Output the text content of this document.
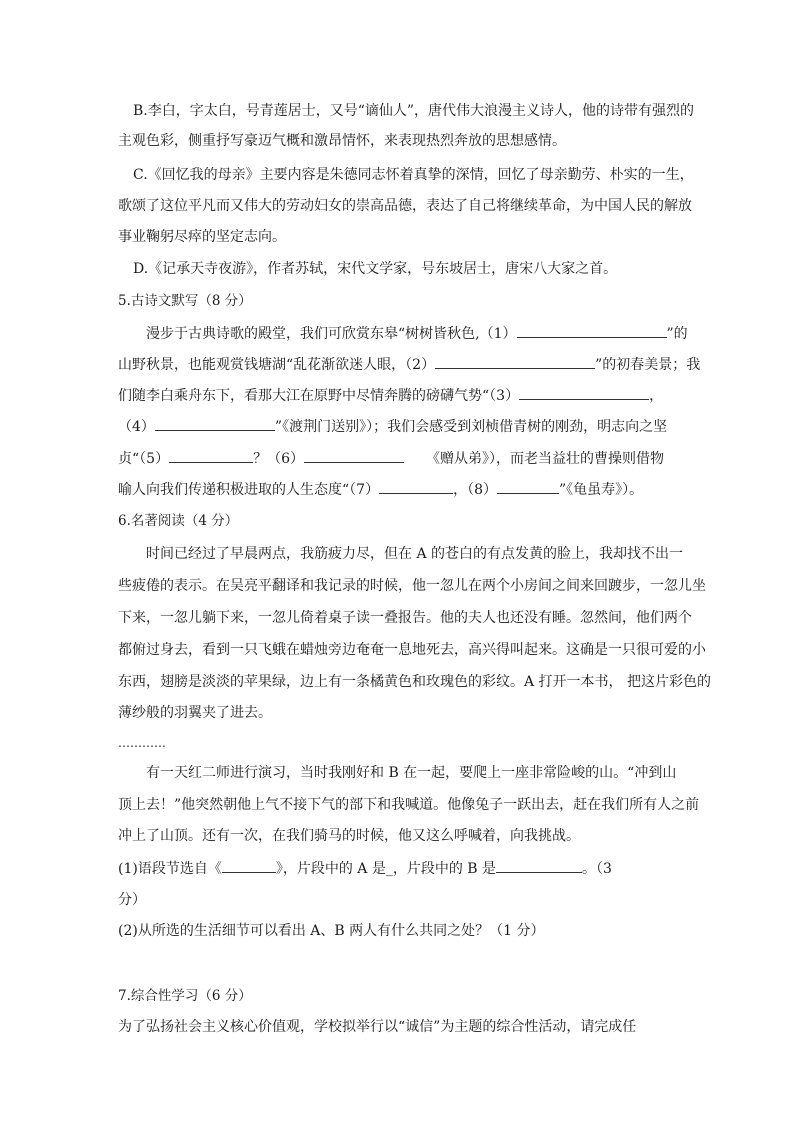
B.李白，字太白，号青莲居士，又号“谪仙人”，唐代伟大浪漫主义诗人，他的诗带有强烈的
主观色彩，侧重抒写豪迈气概和激昂情怀，来表现热烈奔放的思想感情。
C.《回忆我的母亲》主要内容是朱德同志怀着真挚的深情，回忆了母亲勤劳、朴实的一生，
歌颂了这位平凡而又伟大的劳动妇女的崇高品德，表达了自己将继续革命，为中国人民的解放
事业鞠躬尽瘁的坚定志向。
D.《记承天寺夜游》，作者苏轼，宋代文学家，号东坡居士，唐宋八大家之首。
5.古诗文默写（8 分）
漫步于古典诗歌的殿堂，我们可欣赏东皋“树树皆秋色,（1）	”的
山野秋景，也能观赏钱塘湖“乱花渐欲迷人眼，（2）	”的初春美景；我
们随李白乘舟东下，看那大江在原野中尽情奔腾的磅礴气势“（3）	，
（4）	”《渡荆门送别》）；我们会感受到刘桢借青树的刚劲，明志向之坚
贞“（5）	？（6）	《赠从弟》），而老当益壮的曹操则借物
喻人向我们传递积极进取的人生态度“（7）	，（8）	”《龟虽寿》）。
6.名著阅读（4 分）
时间已经过了早晨两点，我筋疲力尽，但在 A 的苍白的有点发黄的脸上，我却找不出一
些疲倦的表示。在吴亮平翻译和我记录的时候，他一忽儿在两个小房间之间来回踱步，一忽儿坐
下来，一忽儿躺下来，一忽儿倚着桌子读一叠报告。他的夫人也还没有睡。忽然间，他们两个
都俯过身去，看到一只飞蛾在蜡烛旁边奄奄一息地死去，高兴得叫起来。这确是一只很可爱的小
东西，翅膀是淡淡的苹果绿，边上有一条橘黄色和玫瑰色的彩纹。A 打开一本书， 把这片彩色的
薄纱般的羽翼夹了进去。
…………
有一天红二师进行演习，当时我刚好和 B 在一起，要爬上一座非常险峻的山。“冲到山
顶上去！”他突然朝他上气不接下气的部下和我喊道。他像兔子一跃出去，赶在我们所有人之前
冲上了山顶。还有一次，在我们骑马的时候，他又这么呼喊着，向我挑战。
(1)语段节选自《	》，片段中的 A 是_，片段中的 B 是	。（3
分）
(2)从所选的生活细节可以看出 A、B 两人有什么共同之处？（1 分）
7.综合性学习（6 分）
为了弘扬社会主义核心价值观，学校拟举行以“诚信”为主题的综合性活动，请完成任
